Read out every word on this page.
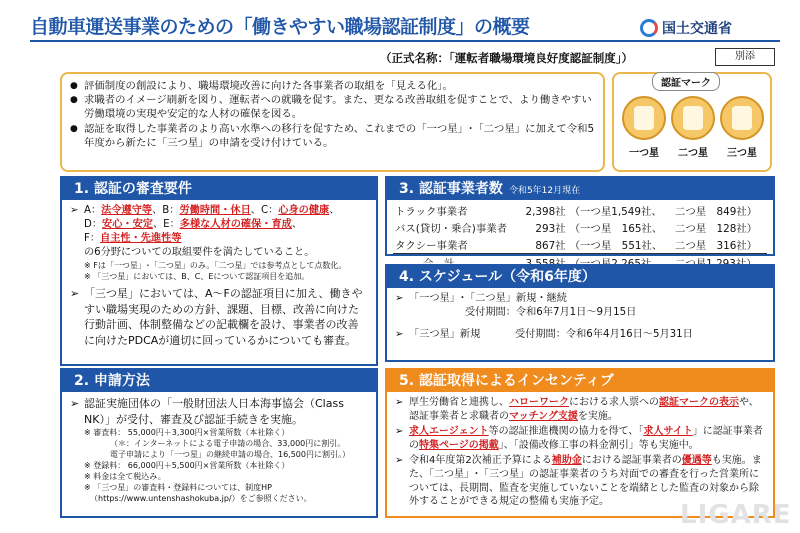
自動車運送事業のための「働きやすい職場認証制度」の概要	国土交通省
（正式名称：「運転者職場環境良好度認証制度」）	別添
● 評価制度の創設により、職場環境改善に向けた各事業者の取組を「見える化」。
● 求職者のイメージ刷新を図り、運転者への就職を促す。また、更なる改善取組を促すことで、より働きやすい労働環境の実現や安定的な人材の確保を図る。
● 認証を取得した事業者のより高い水準への移行を促すため、これまでの「一つ星」･「二つ星」に加えて令和5年度から新たに「三つ星」の申請を受け付けている。
認証マーク
一つ星	二つ星	三つ星
1. 認証の審査要件
➢ A：法令遵守等、B：労働時間・休日、C：心身の健康、
D：安心・安定、E：多様な人材の確保・育成、
F：自主性・先進性等
の6分野についての取組要件を満たしていること。
※ Fは「一つ星」･「二つ星」のみ。「二つ星」では参考点として点数化。
※ 「三つ星」においては、B、C、Eについて認証項目を追加。
➢ 「三つ星」においては、A～Fの認証項目に加え、働きやすい職場実現のための方針、課題、目標、改善に向けた行動計画、体制整備などの記載欄を設け、事業者の改善に向けたPDCAが適切に回っているかについても審査。
2. 申請方法
➢ 認証実施団体の「一般財団法人日本海事協会（Class NK）」が受付、審査及び認証手続きを実施。
※ 審査料： 55,000円＋3,300円×営業所数（本社除く）
（＊：インターネットによる電子申請の場合、33,000円に割引。
電子申請により「一つ星」の継続申請の場合、16,500円に割引。）
※ 登録料： 66,000円＋5,500円×営業所数（本社除く）
※ 料金は全て税込み。
※ 「三つ星」の審査料・登録料については、制度HP
（https://www.untenshashokuba.jp/）をご参照ください。
3. 認証事業者数 令和5年12月現在
トラック事業者	2,398社	（一つ星1,549社、	二つ星　849社）
バス(貸切・乗合)事業者	293社	（一つ星　165社、	二つ星　128社）
タクシー事業者	867社	（一つ星　551社、	二つ星　316社）

4. スケジュール（令和6年度）
➢ 「一つ星」･「二つ星」新規・継続
受付期間：令和6年7月1日～9月15日
➢ 「三つ星」新規	受付期間：令和6年4月16日～5月31日
5. 認証取得によるインセンティブ
➢ 厚生労働省と連携し、ハローワークにおける求人票への認証マークの表示や、認証事業者と求職者のマッチング支援を実施。
➢ 求人エージェント等の認証推進機関の協力を得て、「求人サイト」に認証事業者の特集ページの掲載」、「設備改修工事の料金割引」等も実施中。
➢ 令和4年度第2次補正予算による補助金における認証事業者の優遇等も実施。また、「二つ星」･「三つ星」の認証事業者のうち対面での審査を行った営業所については、長期間、監査を実施していないことを端緒とした監査の対象から除外することができる規定の整備も実施予定。	LIGARE
